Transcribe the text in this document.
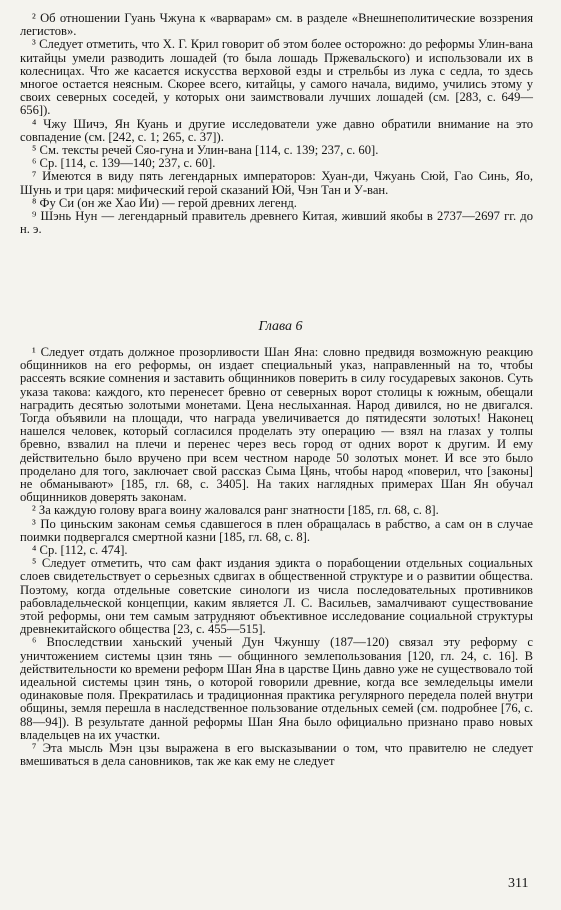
² Об отношении Гуань Чжуна к «варварам» см. в разделе «Внешнеполитические воззрения легистов».

³ Следует отметить, что Х. Г. Крил говорит об этом более осторожно: до реформы Улин-вана китайцы умели разводить лошадей (то была лошадь Пржевальского) и использовали их в колесницах. Что же касается искусства верховой езды и стрельбы из лука с седла, то здесь многое остается неясным. Скорее всего, китайцы, у самого начала, видимо, учились этому у своих северных соседей, у которых они заимствовали лучших лошадей (см. [283, с. 649—656]).

⁴ Чжу Шичэ, Ян Куань и другие исследователи уже давно обратили внимание на это совпадение (см. [242, с. 1; 265, с. 37]).

⁵ См. тексты речей Сяо-гуна и Улин-вана [114, с. 139; 237, с. 60].

⁶ Ср. [114, с. 139—140; 237, с. 60].

⁷ Имеются в виду пять легендарных императоров: Хуан-ди, Чжуань Сюй, Гао Синь, Яо, Шунь и три царя: мифический герой сказаний Юй, Чэн Тан и У-ван.

⁸ Фу Си (он же Хао Ии) — герой древних легенд.

⁹ Шэнь Нун — легендарный правитель древнего Китая, живший якобы в 2737—2697 гг. до н. э.

Глава 6

¹ Следует отдать должное прозорливости Шан Яна: словно предвидя возможную реакцию общинников на его реформы, он издает специальный указ, направленный на то, чтобы рассеять всякие сомнения и заставить общинников поверить в силу государевых законов. Суть указа такова: каждого, кто перенесет бревно от северных ворот столицы к южным, обещали наградить десятью золотыми монетами. Цена неслыханная. Народ дивился, но не двигался. Тогда объявили на площади, что награда увеличивается до пятидесяти золотых! Наконец нашелся человек, который согласился проделать эту операцию — взял на глазах у толпы бревно, взвалил на плечи и перенес через весь город от одних ворот к другим. И ему действительно было вручено при всем честном народе 50 золотых монет. И все это было проделано для того, заключает свой рассказ Сыма Цянь, чтобы народ «поверил, что [законы] не обманывают» [185, гл. 68, с. 3405]. На таких наглядных примерах Шан Ян обучал общинников доверять законам.

² За каждую голову врага воину жаловался ранг знатности [185, гл. 68, с. 8].

³ По циньским законам семья сдавшегося в плен обращалась в рабство, а сам он в случае поимки подвергался смертной казни [185, гл. 68, с. 8].

⁴ Ср. [112, с. 474].

⁵ Следует отметить, что сам факт издания эдикта о порабощении отдельных социальных слоев свидетельствует о серьезных сдвигах в общественной структуре и о развитии общества. Поэтому, когда отдельные советские синологи из числа последовательных противников рабовладельческой концепции, каким является Л. С. Васильев, замалчивают существование этой реформы, они тем самым затрудняют объективное исследование социальной структуры древнекитайского общества [23, с. 455—515].

⁶ Впоследствии ханьский ученый Дун Чжуншу (187—120) связал эту реформу с уничтожением системы цзин тянь — общинного землепользования [120, гл. 24, с. 16]. В действительности ко времени реформ Шан Яна в царстве Цинь давно уже не существовало той идеальной системы цзин тянь, о которой говорили древние, когда все земледельцы имели одинаковые поля. Прекратилась и традиционная практика регулярного передела полей внутри общины, земля перешла в наследственное пользование отдельных семей (см. подробнее [76, с. 88—94]). В результате данной реформы Шан Яна было официально признано право новых владельцев на их участки.

⁷ Эта мысль Мэн цзы выражена в его высказывании о том, что правителю не следует вмешиваться в дела сановников, так же как ему не следует

311
